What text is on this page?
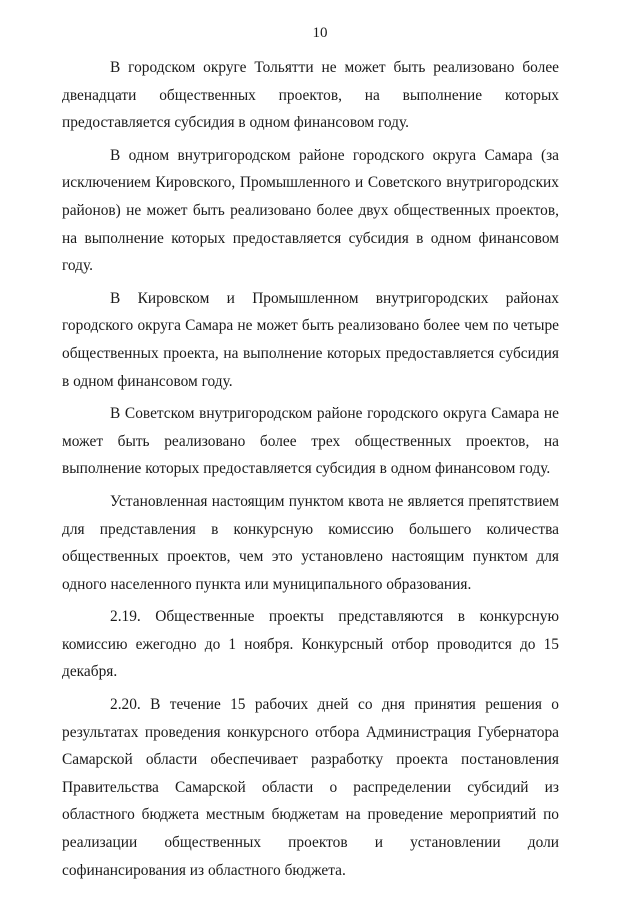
10

В городском округе Тольятти не может быть реализовано более двенадцати общественных проектов, на выполнение которых предоставляется субсидия в одном финансовом году.

В одном внутригородском районе городского округа Самара (за исключением Кировского, Промышленного и Советского внутригородских районов) не может быть реализовано более двух общественных проектов, на выполнение которых предоставляется субсидия в одном финансовом году.

В Кировском и Промышленном внутригородских районах городского округа Самара не может быть реализовано более чем по четыре общественных проекта, на выполнение которых предоставляется субсидия в одном финансовом году.

В Советском внутригородском районе городского округа Самара не может быть реализовано более трех общественных проектов, на выполнение которых предоставляется субсидия в одном финансовом году.

Установленная настоящим пунктом квота не является препятствием для представления в конкурсную комиссию большего количества общественных проектов, чем это установлено настоящим пунктом для одного населенного пункта или муниципального образования.

2.19. Общественные проекты представляются в конкурсную комиссию ежегодно до 1 ноября. Конкурсный отбор проводится до 15 декабря.

2.20. В течение 15 рабочих дней со дня принятия решения о результатах проведения конкурсного отбора Администрация Губернатора Самарской области обеспечивает разработку проекта постановления Правительства Самарской области о распределении субсидий из областного бюджета местным бюджетам на проведение мероприятий по реализации общественных проектов и установлении доли софинансирования из областного бюджета.
